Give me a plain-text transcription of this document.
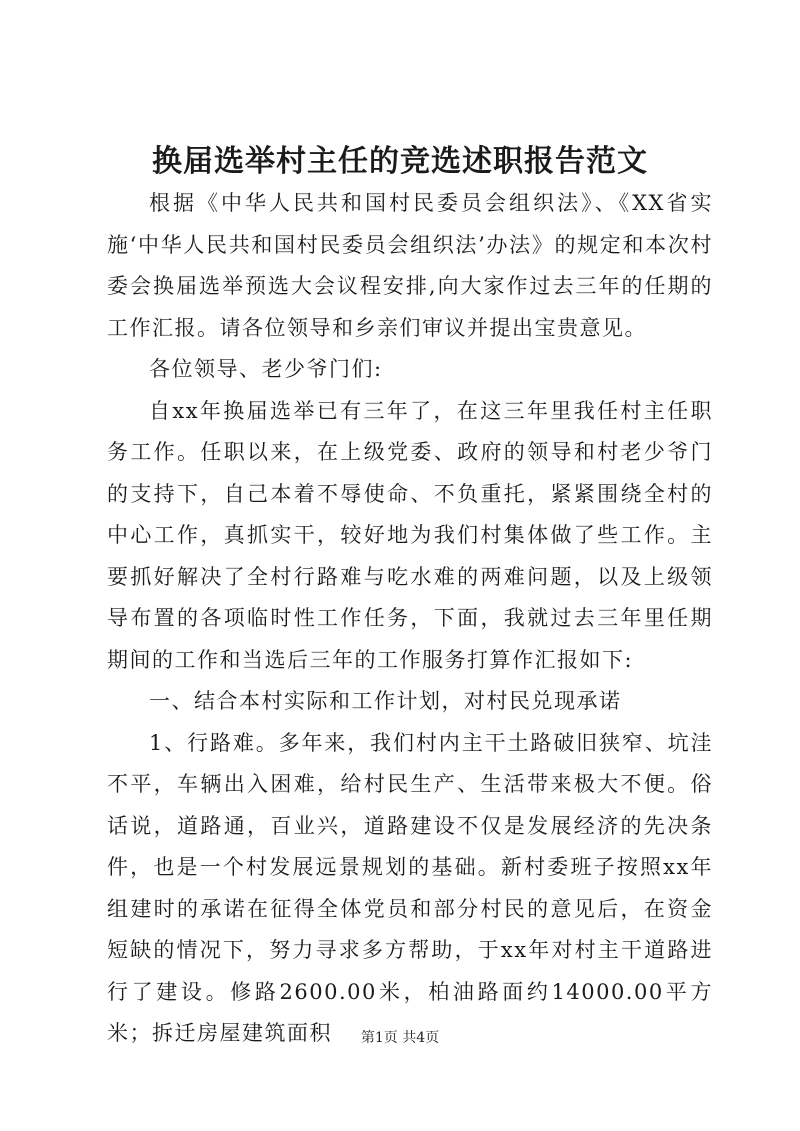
换届选举村主任的竞选述职报告范文

根据《中华人民共和国村民委员会组织法》、《XX省实施‘中华人民共和国村民委员会组织法’办法》的规定和本次村委会换届选举预选大会议程安排,向大家作过去三年的任期的工作汇报。请各位领导和乡亲们审议并提出宝贵意见。

各位领导、老少爷门们:

自xx年换届选举已有三年了，在这三年里我任村主任职务工作。任职以来，在上级党委、政府的领导和村老少爷门的支持下，自己本着不辱使命、不负重托，紧紧围绕全村的中心工作，真抓实干，较好地为我们村集体做了些工作。主要抓好解决了全村行路难与吃水难的两难问题，以及上级领导布置的各项临时性工作任务，下面，我就过去三年里任期期间的工作和当选后三年的工作服务打算作汇报如下:

一、结合本村实际和工作计划，对村民兑现承诺

1、行路难。多年来，我们村内主干土路破旧狭窄、坑洼不平，车辆出入困难，给村民生产、生活带来极大不便。俗话说，道路通，百业兴，道路建设不仅是发展经济的先决条件，也是一个村发展远景规划的基础。新村委班子按照xx年组建时的承诺在征得全体党员和部分村民的意见后，在资金短缺的情况下，努力寻求多方帮助，于xx年对村主干道路进行了建设。修路2600.00米，柏油路面约14000.00平方米；拆迁房屋建筑面积	第1页 共4页
